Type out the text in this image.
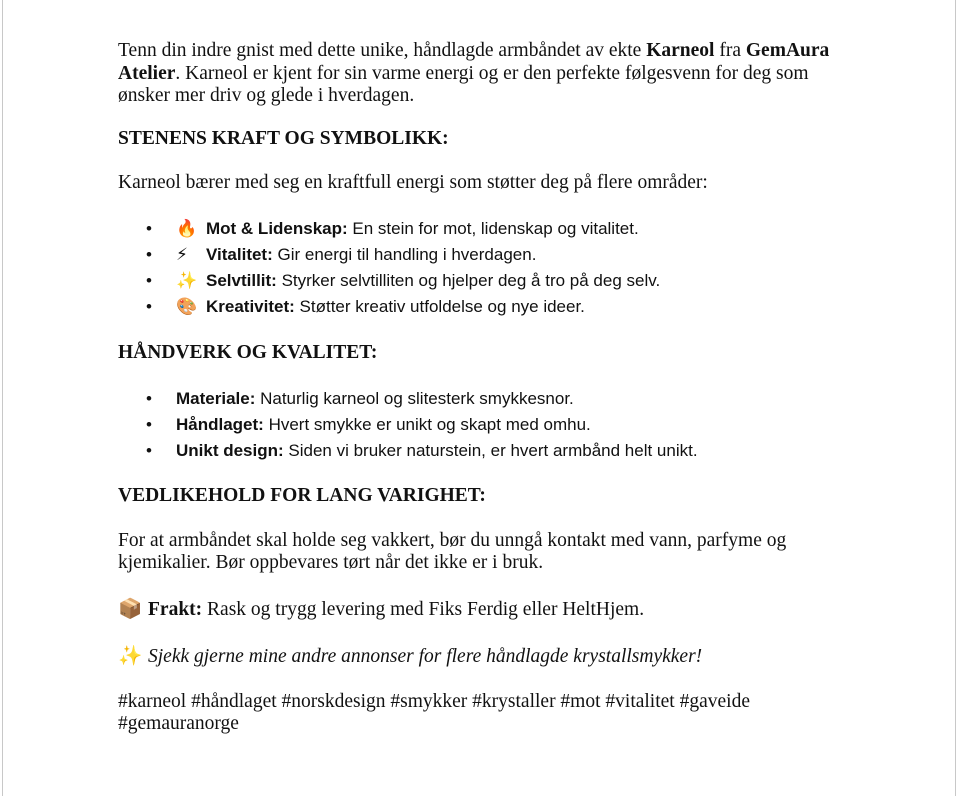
Tenn din indre gnist med dette unike, håndlagde armbåndet av ekte Karneol fra GemAura Atelier. Karneol er kjent for sin varme energi og er den perfekte følgesvenn for deg som ønsker mer driv og glede i hverdagen.

STENENS KRAFT OG SYMBOLIKK:

Karneol bærer med seg en kraftfull energi som støtter deg på flere områder:

• 🔥 Mot & Lidenskap: En stein for mot, lidenskap og vitalitet.
• ⚡ Vitalitet: Gir energi til handling i hverdagen.
• ✨ Selvtillit: Styrker selvtilliten og hjelper deg å tro på deg selv.
• 🎨 Kreativitet: Støtter kreativ utfoldelse og nye ideer.

HÅNDVERK OG KVALITET:

• Materiale: Naturlig karneol og slitesterk smykkesnor.
• Håndlaget: Hvert smykke er unikt og skapt med omhu.
• Unikt design: Siden vi bruker naturstein, er hvert armbånd helt unikt.

VEDLIKEHOLD FOR LANG VARIGHET:

For at armbåndet skal holde seg vakkert, bør du unngå kontakt med vann, parfyme og kjemikalier. Bør oppbevares tørt når det ikke er i bruk.

📦 Frakt: Rask og trygg levering med Fiks Ferdig eller HeltHjem.

✨ Sjekk gjerne mine andre annonser for flere håndlagde krystallsmykker!

#karneol #håndlaget #norskdesign #smykker #krystaller #mot #vitalitet #gaveide #gemauranorge
